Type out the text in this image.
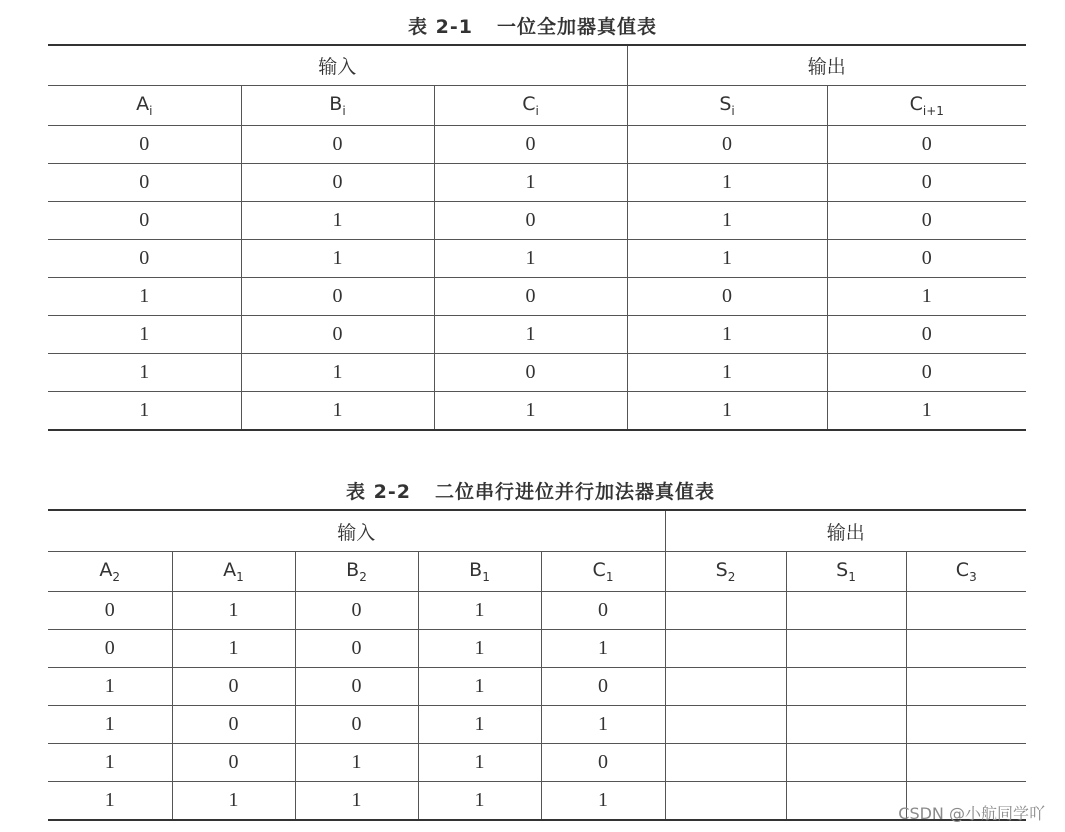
表 2-1 一位全加器真值表
输入			输出	
$A_i$	$B_i$	$C_i$	$S_i$	$C_{i+1}$
0	0	0	0	0
0	0	1	1	0
0	1	0	1	0
0	1	1	1	0
1	0	0	0	1
1	0	1	1	0
1	1	0	1	0
1	1	1	1	1
表 2-2 二位串行进位并行加法器真值表
输入					输出		
$A_2$	$A_1$	$B_2$	$B_1$	$C_1$	$S_2$	$S_1$	$C_3$
0	1	0	1	0			
0	1	0	1	1			
1	0	0	1	0			
1	0	0	1	1			
1	0	1	1	0			
1	1	1	1	1			
CSDN @小航同学吖
